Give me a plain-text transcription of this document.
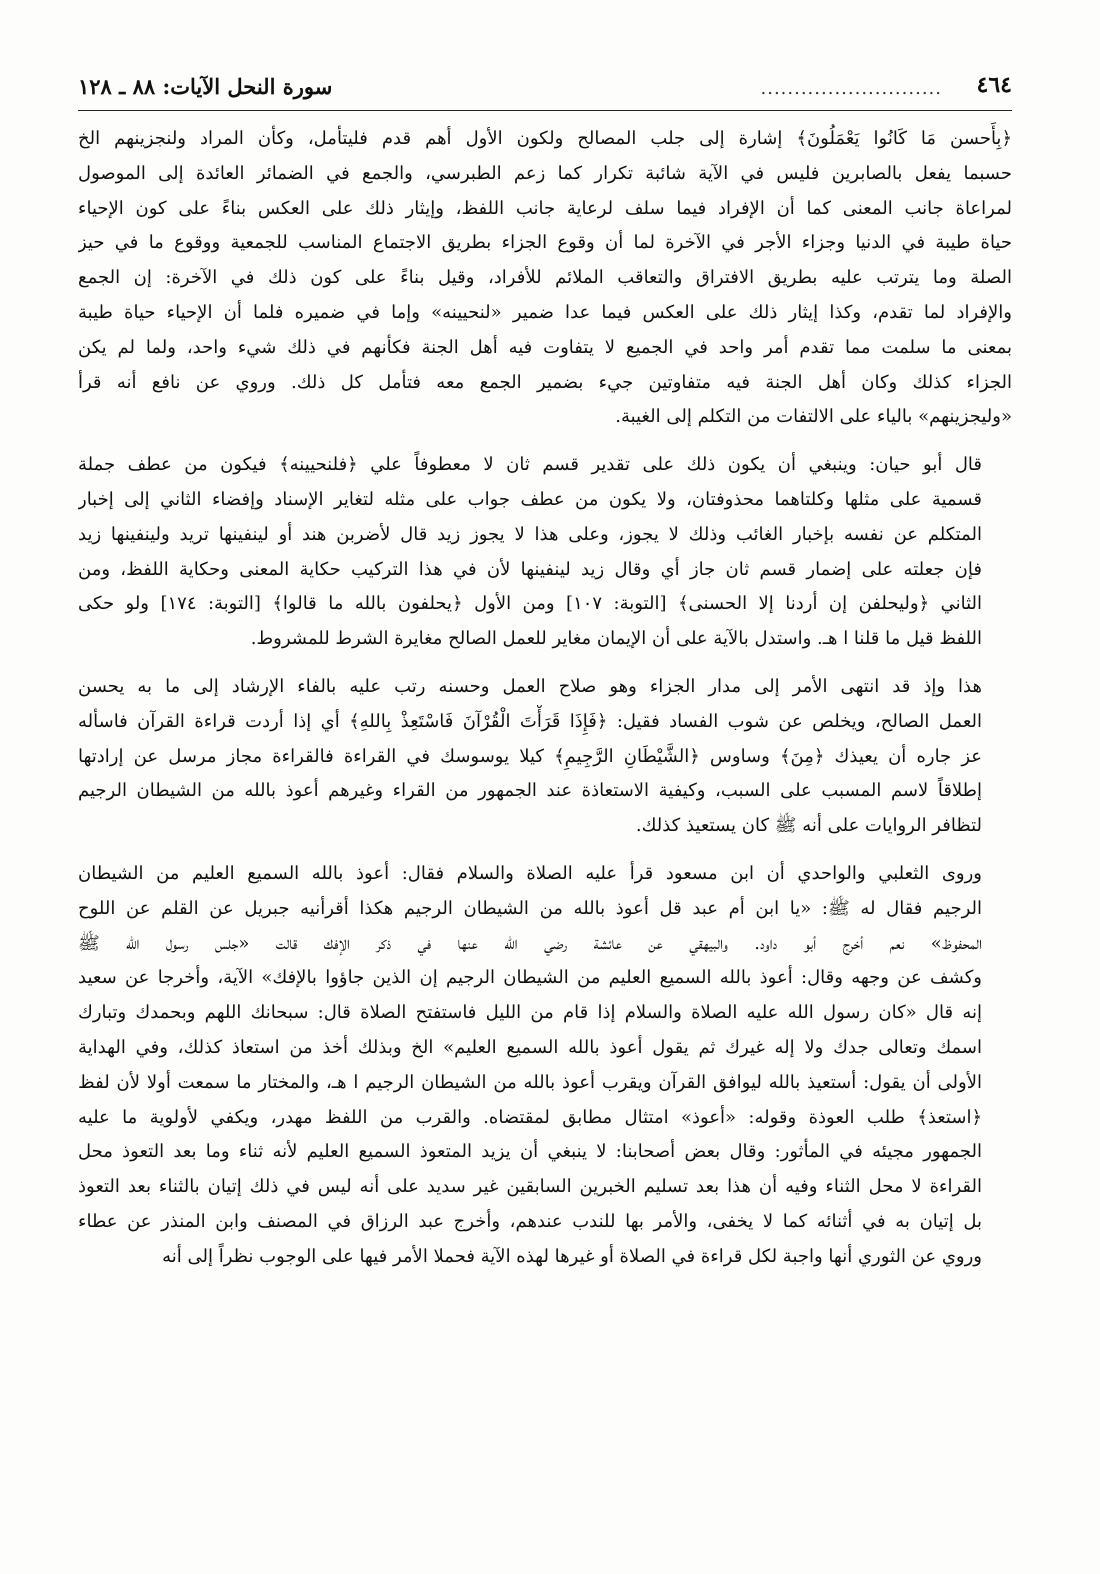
٤٦٤
...........................
سورة النحل الآيات: ٨٨ ـ ١٢٨
﴿بِأَحسن مَا كَانُوا يَعْمَلُونَ﴾ إشارة إلى جلب المصالح ولكون الأول أهم قدم فليتأمل، وكأن المراد ولنجزينهم الخ
حسبما يفعل بالصابرين فليس في الآية شائبة تكرار كما زعم الطبرسي، والجمع في الضمائر العائدة إلى الموصول
لمراعاة جانب المعنى كما أن الإفراد فيما سلف لرعاية جانب اللفظ، وإيثار ذلك على العكس بناءً على كون الإحياء
حياة طيبة في الدنيا وجزاء الأجر في الآخرة لما أن وقوع الجزاء بطريق الاجتماع المناسب للجمعية ووقوع ما في حيز
الصلة وما يترتب عليه بطريق الافتراق والتعاقب الملائم للأفراد، وقيل بناءً على كون ذلك في الآخرة: إن الجمع
والإفراد لما تقدم، وكذا إيثار ذلك على العكس فيما عدا ضمير «لنحيينه» وإما في ضميره فلما أن الإحياء حياة طيبة
بمعنى ما سلمت مما تقدم أمر واحد في الجميع لا يتفاوت فيه أهل الجنة فكأنهم في ذلك شيء واحد، ولما لم يكن
الجزاء كذلك وكان أهل الجنة فيه متفاوتين جيء بضمير الجمع معه فتأمل كل ذلك. وروي عن نافع أنه قرأ
«وليجزينهم» بالياء على الالتفات من التكلم إلى الغيبة.
قال أبو حيان: وينبغي أن يكون ذلك على تقدير قسم ثان لا معطوفاً علي ﴿فلنحيينه﴾ فيكون من عطف جملة
قسمية على مثلها وكلتاهما محذوفتان، ولا يكون من عطف جواب على مثله لتغاير الإسناد وإفضاء الثاني إلى إخبار
المتكلم عن نفسه بإخبار الغائب وذلك لا يجوز، وعلى هذا لا يجوز زيد قال لأضربن هند أو لينفينها تريد ولينفينها زيد
فإن جعلته على إضمار قسم ثان جاز أي وقال زيد لينفينها لأن في هذا التركيب حكاية المعنى وحكاية اللفظ، ومن
الثاني ﴿وليحلفن إن أردنا إلا الحسنى﴾ [التوبة: ١٠٧] ومن الأول ﴿يحلفون بالله ما قالوا﴾ [التوبة: ١٧٤] ولو حكى
اللفظ قيل ما قلنا ا هـ. واستدل بالآية على أن الإيمان مغاير للعمل الصالح مغايرة الشرط للمشروط.
هذا وإذ قد انتهى الأمر إلى مدار الجزاء وهو صلاح العمل وحسنه رتب عليه بالفاء الإرشاد إلى ما به يحسن
العمل الصالح، ويخلص عن شوب الفساد فقيل: ﴿فَإِذَا قَرَأْتَ الْقُرْآنَ فَاسْتَعِذْ بِاللهِ﴾ أي إذا أردت قراءة القرآن فاسأله
عز جاره أن يعيذك ﴿مِنَ﴾ وساوس ﴿الشَّيْطَانِ الرَّجِيمِ﴾ كيلا يوسوسك في القراءة فالقراءة مجاز مرسل عن إرادتها
إطلاقاً لاسم المسبب على السبب، وكيفية الاستعاذة عند الجمهور من القراء وغيرهم أعوذ بالله من الشيطان الرجيم
لتظافر الروايات على أنه ﷺ كان يستعيذ كذلك.
وروى الثعلبي والواحدي أن ابن مسعود قرأ عليه الصلاة والسلام فقال: أعوذ بالله السميع العليم من الشيطان
الرجيم فقال له ﷺ: «يا ابن أم عبد قل أعوذ بالله من الشيطان الرجيم هكذا أقرأنيه جبريل عن القلم عن اللوح
المحفوظ» نعم أخرج أبو داود. والبيهقي عن عائشة رضي الله عنها في ذكر الإفك قالت «جلس رسول الله ﷺ
وكشف عن وجهه وقال: أعوذ بالله السميع العليم من الشيطان الرجيم إن الذين جاؤوا بالإفك» الآية، وأخرجا عن سعيد
إنه قال «كان رسول الله عليه الصلاة والسلام إذا قام من الليل فاستفتح الصلاة قال: سبحانك اللهم وبحمدك وتبارك
اسمك وتعالى جدك ولا إله غيرك ثم يقول أعوذ بالله السميع العليم» الخ وبذلك أخذ من استعاذ كذلك، وفي الهداية
الأولى أن يقول: أستعيذ بالله ليوافق القرآن ويقرب أعوذ بالله من الشيطان الرجيم ا هـ، والمختار ما سمعت أولا لأن لفظ
﴿استعذ﴾ طلب العوذة وقوله: «أعوذ» امتثال مطابق لمقتضاه. والقرب من اللفظ مهدر، ويكفي لأولوية ما عليه
الجمهور مجيئه في المأثور: وقال بعض أصحابنا: لا ينبغي أن يزيد المتعوذ السميع العليم لأنه ثناء وما بعد التعوذ محل
القراءة لا محل الثناء وفيه أن هذا بعد تسليم الخبرين السابقين غير سديد على أنه ليس في ذلك إتيان بالثناء بعد التعوذ
بل إتيان به في أثنائه كما لا يخفى، والأمر بها للندب عندهم، وأخرج عبد الرزاق في المصنف وابن المنذر عن عطاء
وروي عن الثوري أنها واجبة لكل قراءة في الصلاة أو غيرها لهذه الآية فحملا الأمر فيها على الوجوب نظراً إلى أنه
